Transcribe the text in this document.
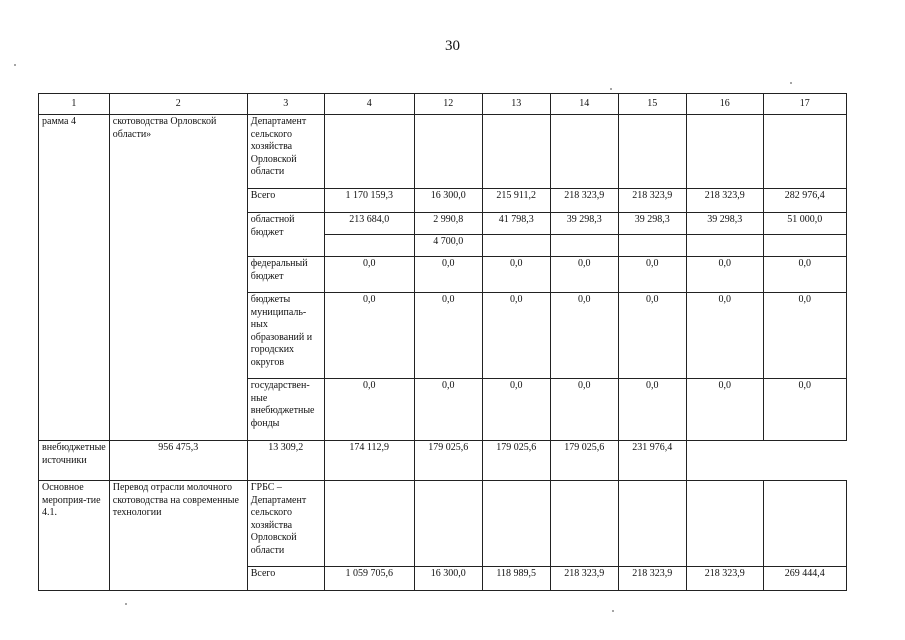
30
1	2	3	4	12	13	14	15	16	17
рамма 4	скотоводства Орловской области»	Департамент сельского хозяйства Орловской области							
		Всего	1 170 159,3	16 300,0	215 911,2	218 323,9	218 323,9	218 323,9	282 976,4
		областной бюджет	213 684,0	2 990,8	41 798,3	39 298,3	39 298,3	39 298,3	51 000,0
				4 700,0					
		федеральный бюджет	0,0	0,0	0,0	0,0	0,0	0,0	0,0
		бюджеты муниципаль-ных образований и городских округов	0,0	0,0	0,0	0,0	0,0	0,0	0,0
		государствен-ные внебюджетные фонды	0,0	0,0	0,0	0,0	0,0	0,0	0,0
внебюджетные источники	956 475,3	13 309,2	174 112,9	179 025,6	179 025,6	179 025,6	231 976,4		
Основное мероприя-тие 4.1.	Перевод отрасли молочного скотоводства на современные технологии	ГРБС – Департамент сельского хозяйства Орловской области							
		Всего	1 059 705,6	16 300,0	118 989,5	218 323,9	218 323,9	218 323,9	269 444,4
